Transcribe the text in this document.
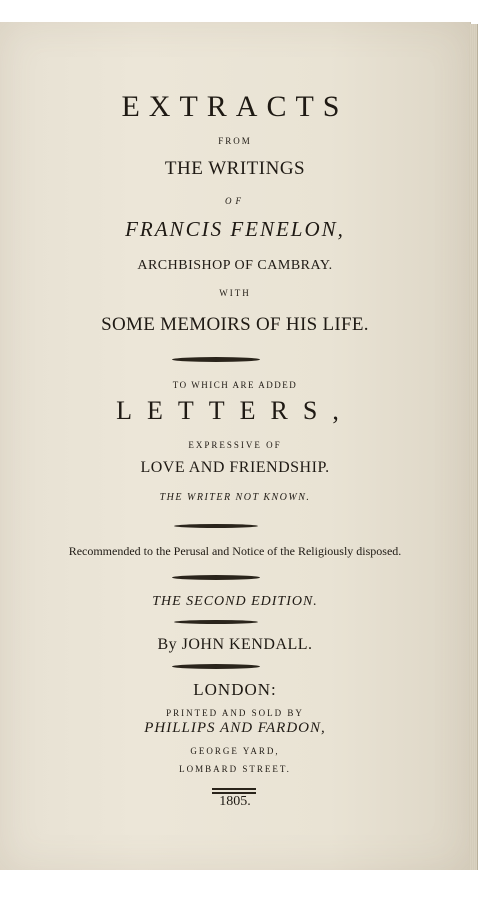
EXTRACTS
FROM
THE WRITINGS
OF
FRANCIS FENELON,
ARCHBISHOP OF CAMBRAY.
WITH
SOME MEMOIRS OF HIS LIFE.
TO WHICH ARE ADDED
LETTERS,
EXPRESSIVE OF
LOVE AND FRIENDSHIP.
THE WRITER NOT KNOWN.
Recommended to the Perusal and Notice of the Religiously disposed.
THE SECOND EDITION.
By JOHN KENDALL.
LONDON:
PRINTED AND SOLD BY
PHILLIPS AND FARDON,
GEORGE YARD,
LOMBARD STREET.
1805.
